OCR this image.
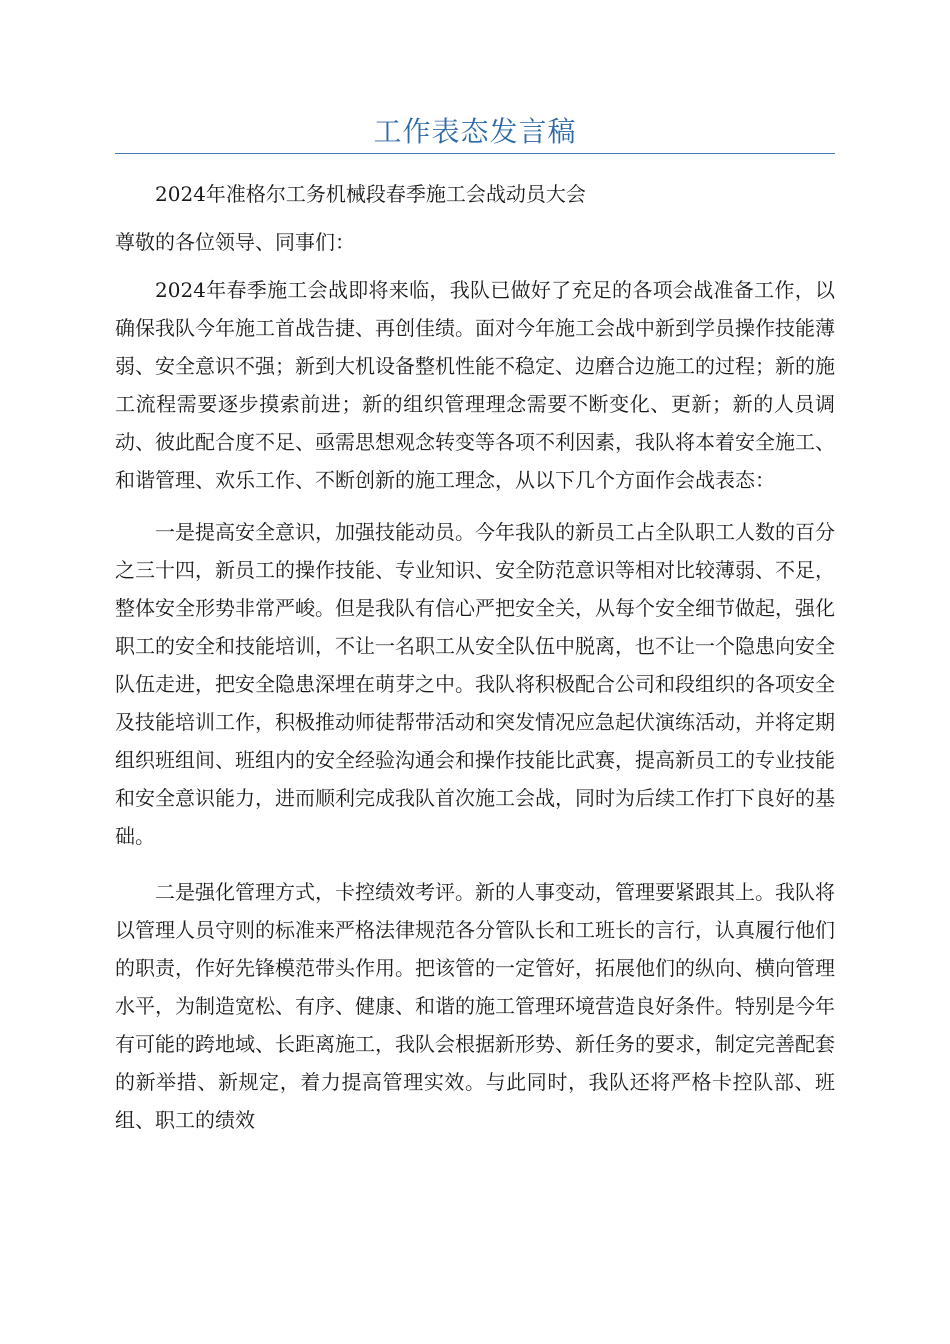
工作表态发言稿

2024年准格尔工务机械段春季施工会战动员大会

尊敬的各位领导、同事们：

2024年春季施工会战即将来临，我队已做好了充足的各项会战准备工作，以确保我队今年施工首战告捷、再创佳绩。面对今年施工会战中新到学员操作技能薄弱、安全意识不强；新到大机设备整机性能不稳定、边磨合边施工的过程；新的施工流程需要逐步摸索前进；新的组织管理理念需要不断变化、更新；新的人员调动、彼此配合度不足、亟需思想观念转变等各项不利因素，我队将本着安全施工、和谐管理、欢乐工作、不断创新的施工理念，从以下几个方面作会战表态：

一是提高安全意识，加强技能动员。今年我队的新员工占全队职工人数的百分之三十四，新员工的操作技能、专业知识、安全防范意识等相对比较薄弱、不足，整体安全形势非常严峻。但是我队有信心严把安全关，从每个安全细节做起，强化职工的安全和技能培训，不让一名职工从安全队伍中脱离，也不让一个隐患向安全队伍走进，把安全隐患深埋在萌芽之中。我队将积极配合公司和段组织的各项安全及技能培训工作，积极推动师徒帮带活动和突发情况应急起伏演练活动，并将定期组织班组间、班组内的安全经验沟通会和操作技能比武赛，提高新员工的专业技能和安全意识能力，进而顺利完成我队首次施工会战，同时为后续工作打下良好的基础。

二是强化管理方式，卡控绩效考评。新的人事变动，管理要紧跟其上。我队将以管理人员守则的标准来严格法律规范各分管队长和工班长的言行，认真履行他们的职责，作好先锋模范带头作用。把该管的一定管好，拓展他们的纵向、横向管理水平，为制造宽松、有序、健康、和谐的施工管理环境营造良好条件。特别是今年有可能的跨地域、长距离施工，我队会根据新形势、新任务的要求，制定完善配套的新举措、新规定，着力提高管理实效。与此同时，我队还将严格卡控队部、班组、职工的绩效
